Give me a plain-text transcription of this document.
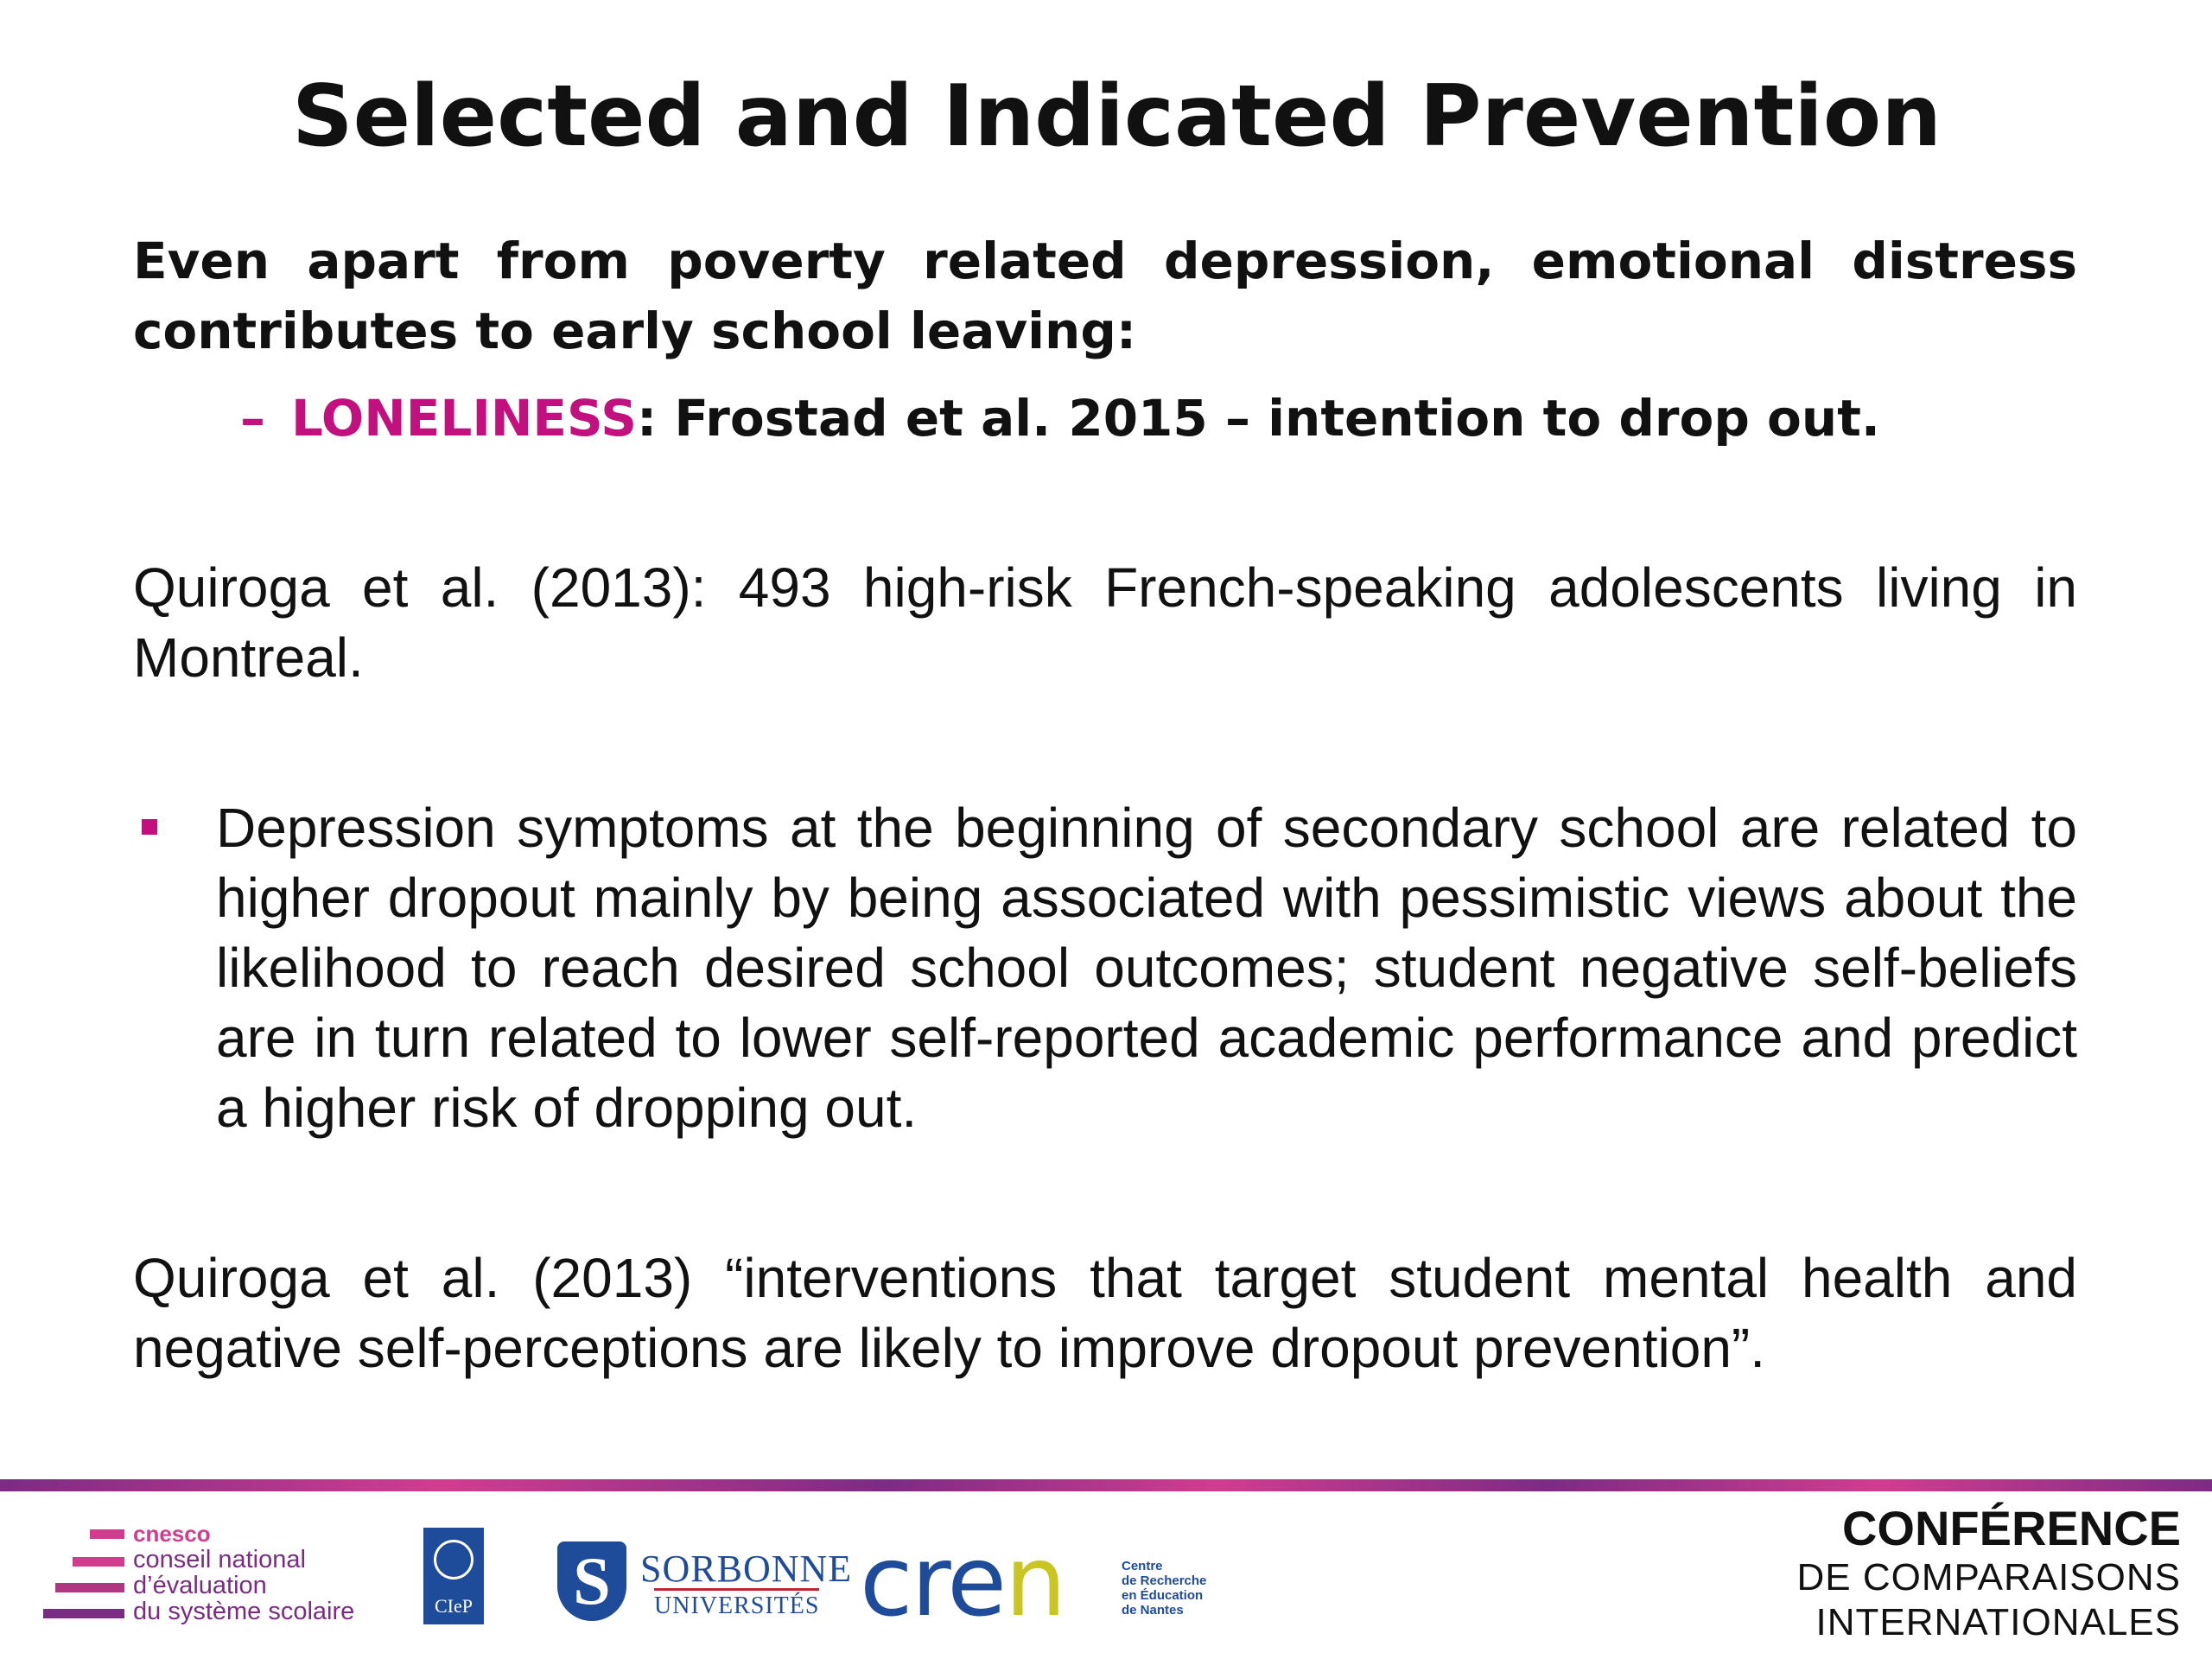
Selected and Indicated Prevention
Even apart from poverty related depression, emotional distress contributes to early school leaving:
– LONELINESS: Frostad et al. 2015 – intention to drop out.
Quiroga et al. (2013): 493 high-risk French-speaking adolescents living in Montreal.
Depression symptoms at the beginning of secondary school are related to higher dropout mainly by being associated with pessimistic views about the likelihood to reach desired school outcomes; student negative self-beliefs are in turn related to lower self-reported academic performance and predict a higher risk of dropping out.
Quiroga et al. (2013) “interventions that target student mental health and negative self-perceptions are likely to improve dropout prevention”.
cnesco
conseil national
d’évaluation
du système scolaire	CIeP S SORBONNE
UNIVERSITÉS cren	Centre
de Recherche
en Éducation
de Nantes
CONFÉRENCE
DE COMPARAISONS
INTERNATIONALES
